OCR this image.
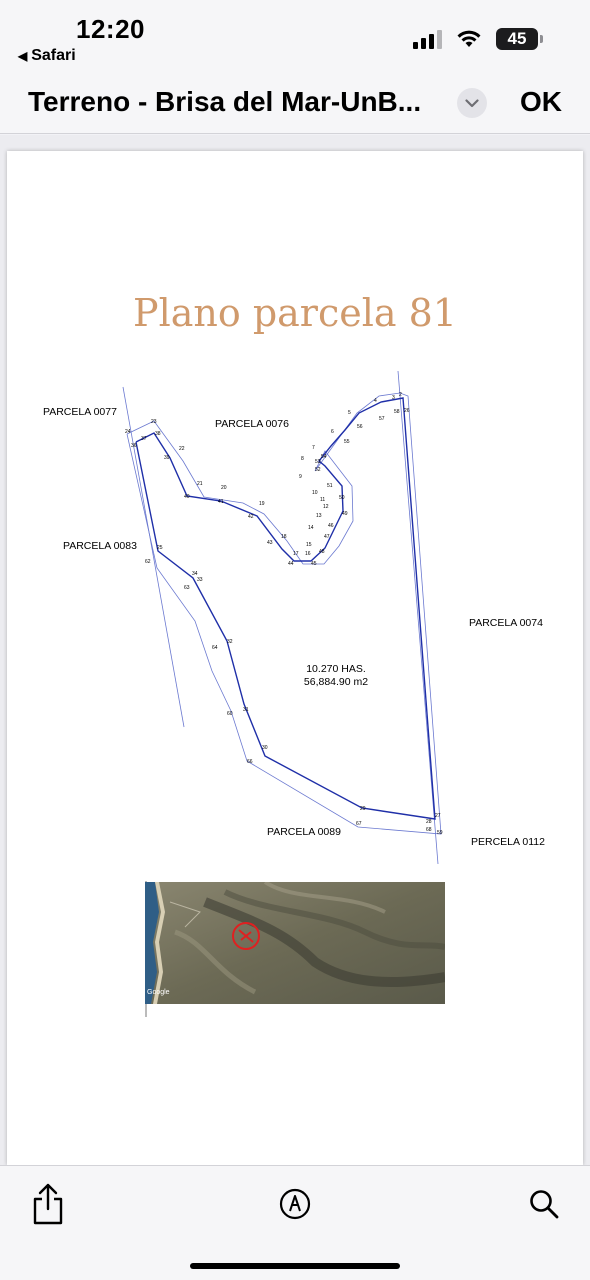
12:20
◀ Safari
45
Terreno - Brisa del Mar-UnB...	OK
Plano parcela 81
23
38
37
24
36	22
39
21
20
40
41	19
42
18
43	15
17 16
44	45
48
47
46
14
49
13
12
11	50
10
51
9
52
53
54
8
7
55
6
56
5
57
4
58
3 2
26
25
62
34
33
63
32
64
31
60
30
66
29
67
27
28
68 59
PARCELA 0077
PARCELA 0076
PARCELA 0083
PARCELA 0074
PARCELA 0089
PERCELA 0112
10.270 HAS.
56,884.90 m2
Google
